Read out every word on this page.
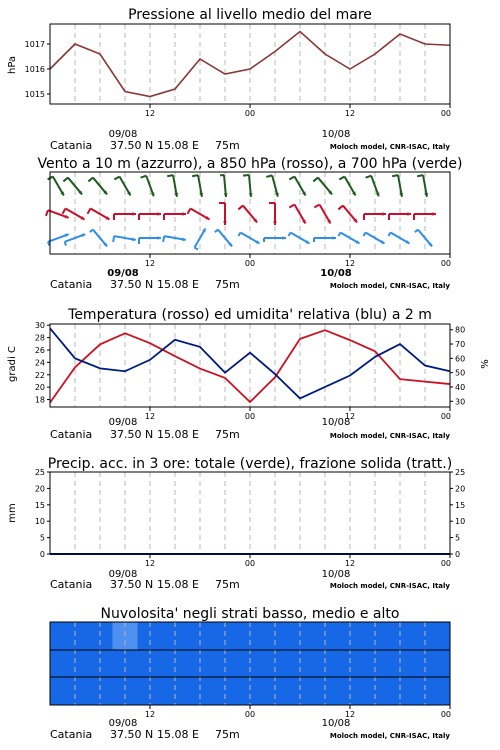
Pressione al livello medio del mare
1015
1016
1017
hPa
12	00	12	00
09/08	10/08
Catania 37.50 N 15.08 E 75m	Moloch model, CNR-ISAC, Italy
Vento a 10 m (azzurro), a 850 hPa (rosso), a 700 hPa (verde)
12	00	12	00
09/08	10/08
Catania 37.50 N 15.08 E 75m	Moloch model, CNR-ISAC, Italy
Temperatura (rosso) ed umidita' relativa (blu) a 2 m
18
20
22
24
26
28
30
30
40
50
60
70
80
gradi C	%
12	00	12	00
09/08	10/08
Catania 37.50 N 15.08 E 75m	Moloch model, CNR-ISAC, Italy
Precip. acc. in 3 ore: totale (verde), frazione solida (tratt.)
0
5
10
15
20
25
0
5
10
15
20
25
mm
12	00	12	00
09/08	10/08
Catania 37.50 N 15.08 E 75m	Moloch model, CNR-ISAC, Italy
Nuvolosita' negli strati basso, medio e alto
12	00	12	00
09/08	10/08
Catania 37.50 N 15.08 E 75m	Moloch model, CNR-ISAC, Italy
